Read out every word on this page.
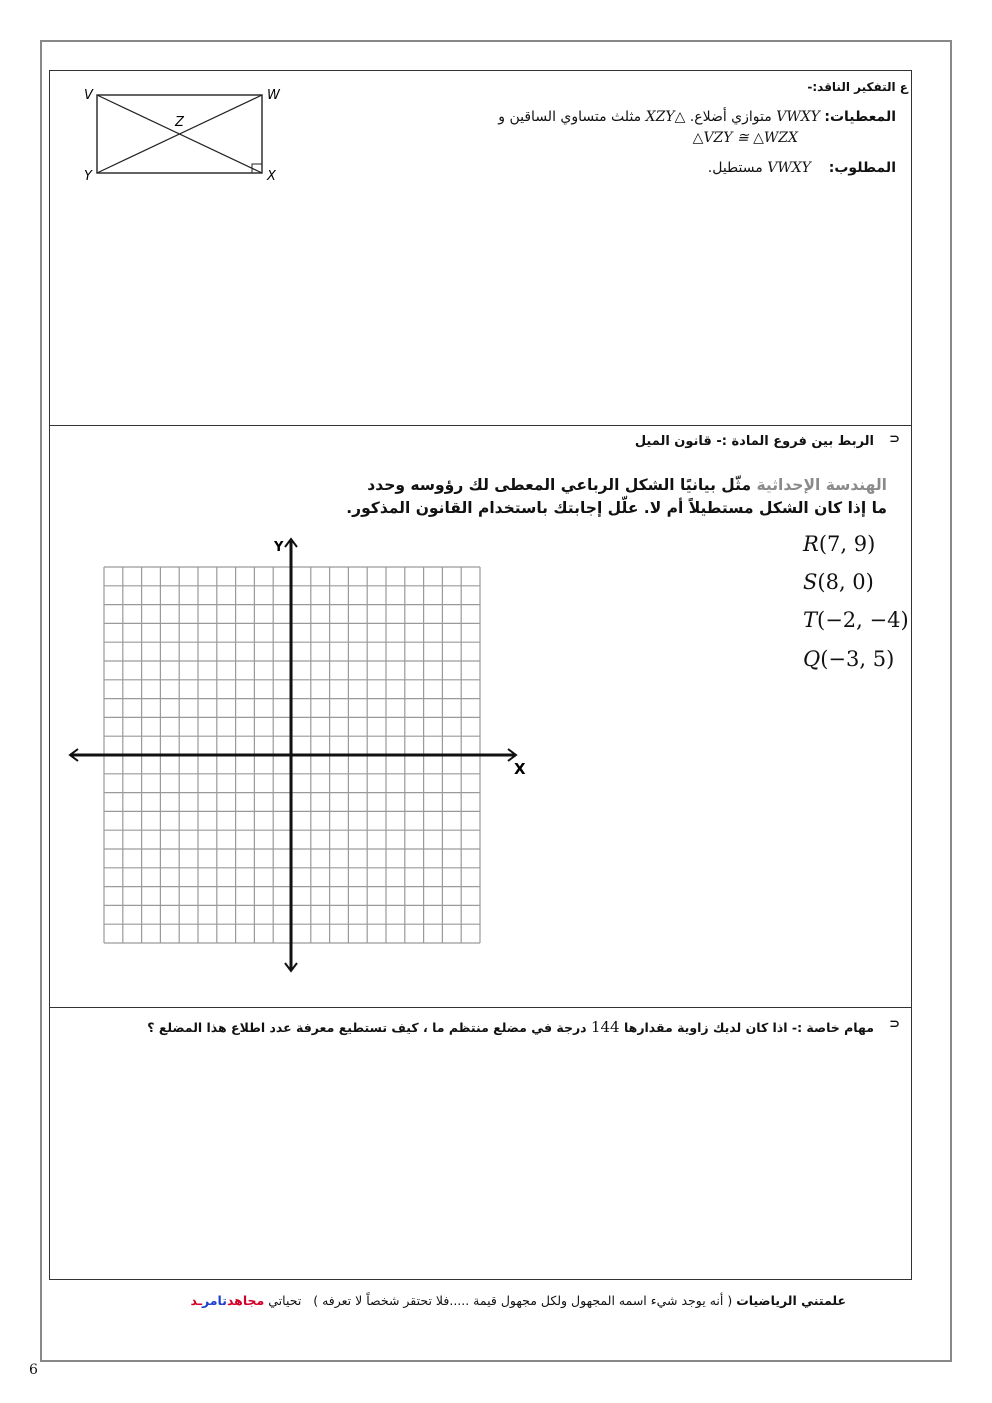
ع التفكير الناقد:-
المعطيات: VWXY متوازي أضلاع. △XZY مثلث متساوي الساقين و
△VZY ≅ △WZX
المطلوب:    VWXY مستطيل.
V	W
X
Y
Z
⊃
الربط بين فروع المادة :- قانون الميل
الهندسة الإحداثية مثّل بيانيًا الشكل الرباعي المعطى لك رؤوسه وحدد
ما إذا كان الشكل مستطيلاً أم لا. علّل إجابتك باستخدام القانون المذكور.
R(7, 9)
S(8, 0)
T(−2, −4)
Q(−3, 5)
X
Y
⊃
مهام خاصة :- اذا كان لديك زاوية مقدارها 144 درجة في مضلع منتظم ما ، كيف تستطيع معرفة عدد اطلاع هذا المضلع ؟
علمتني الرياضيات ( أنه يوجد شيء اسمه المجهول ولكل مجهول قيمة .....فلا تحتقر شخصاً لا تعرفه )   تحياتي مجاهدتامرـد
6
